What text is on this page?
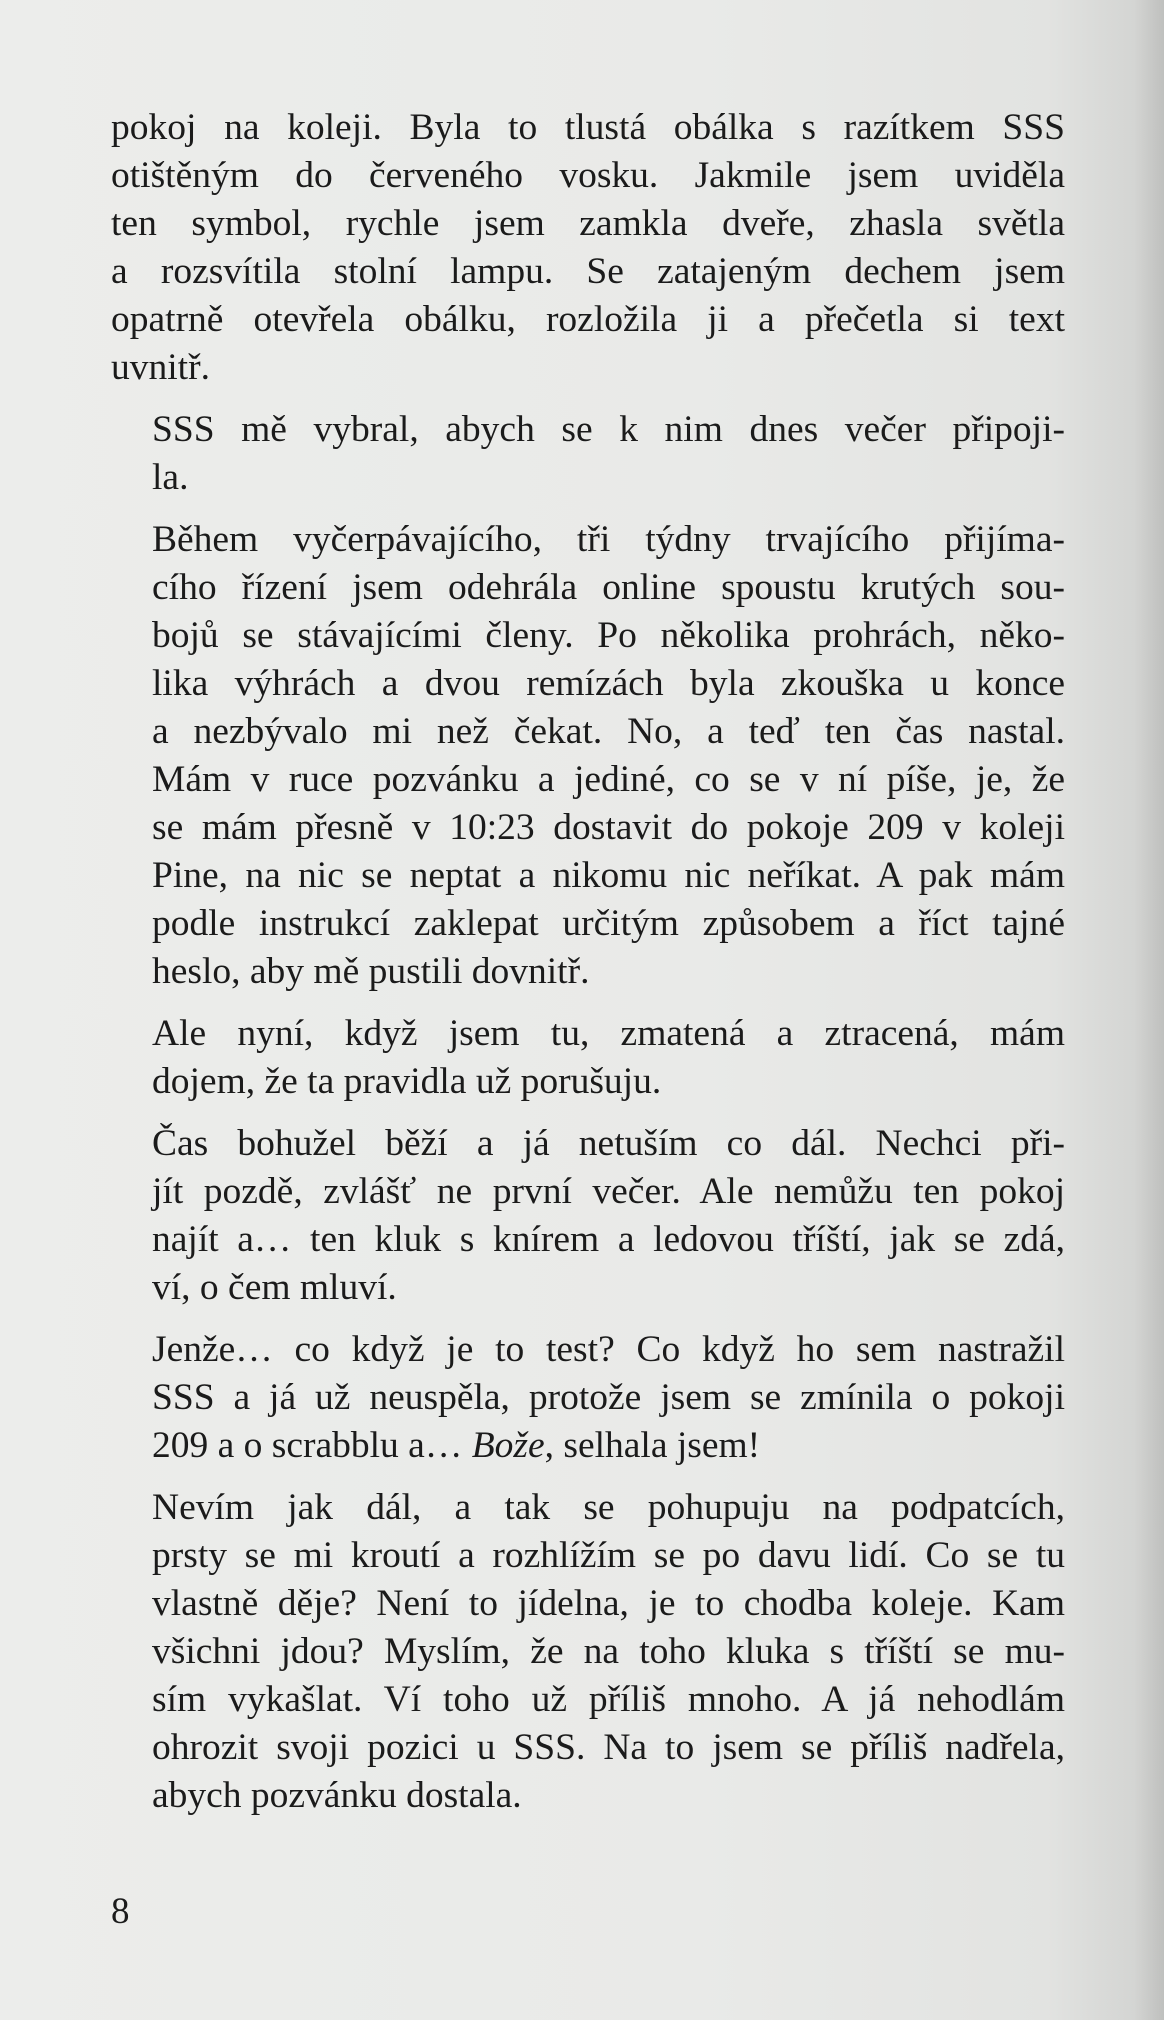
pokoj na koleji. Byla to tlustá obálka s razítkem SSS
otištěným do červeného vosku. Jakmile jsem uviděla
ten symbol, rychle jsem zamkla dveře, zhasla světla
a rozsvítila stolní lampu. Se zatajeným dechem jsem
opatrně otevřela obálku, rozložila ji a přečetla si text
uvnitř.
SSS mě vybral, abych se k nim dnes večer připoji-
la.
Během vyčerpávajícího, tři týdny trvajícího přijíma-
cího řízení jsem odehrála online spoustu krutých sou-
bojů se stávajícími členy. Po několika prohrách, něko-
lika výhrách a dvou remízách byla zkouška u konce
a nezbývalo mi než čekat. No, a teď ten čas nastal.
Mám v ruce pozvánku a jediné, co se v ní píše, je, že
se mám přesně v 10:23 dostavit do pokoje 209 v koleji
Pine, na nic se neptat a nikomu nic neříkat. A pak mám
podle instrukcí zaklepat určitým způsobem a říct tajné
heslo, aby mě pustili dovnitř.
Ale nyní, když jsem tu, zmatená a ztracená, mám
dojem, že ta pravidla už porušuju.
Čas bohužel běží a já netuším co dál. Nechci při-
jít pozdě, zvlášť ne první večer. Ale nemůžu ten pokoj
najít a… ten kluk s knírem a ledovou tříští, jak se zdá,
ví, o čem mluví.
Jenže… co když je to test? Co když ho sem nastražil
SSS a já už neuspěla, protože jsem se zmínila o pokoji
209 a o scrabblu a… Bože, selhala jsem!
Nevím jak dál, a tak se pohupuju na podpatcích,
prsty se mi kroutí a rozhlížím se po davu lidí. Co se tu
vlastně děje? Není to jídelna, je to chodba koleje. Kam
všichni jdou? Myslím, že na toho kluka s tříští se mu-
sím vykašlat. Ví toho už příliš mnoho. A já nehodlám
ohrozit svoji pozici u SSS. Na to jsem se příliš nadřela,
abych pozvánku dostala.
8
